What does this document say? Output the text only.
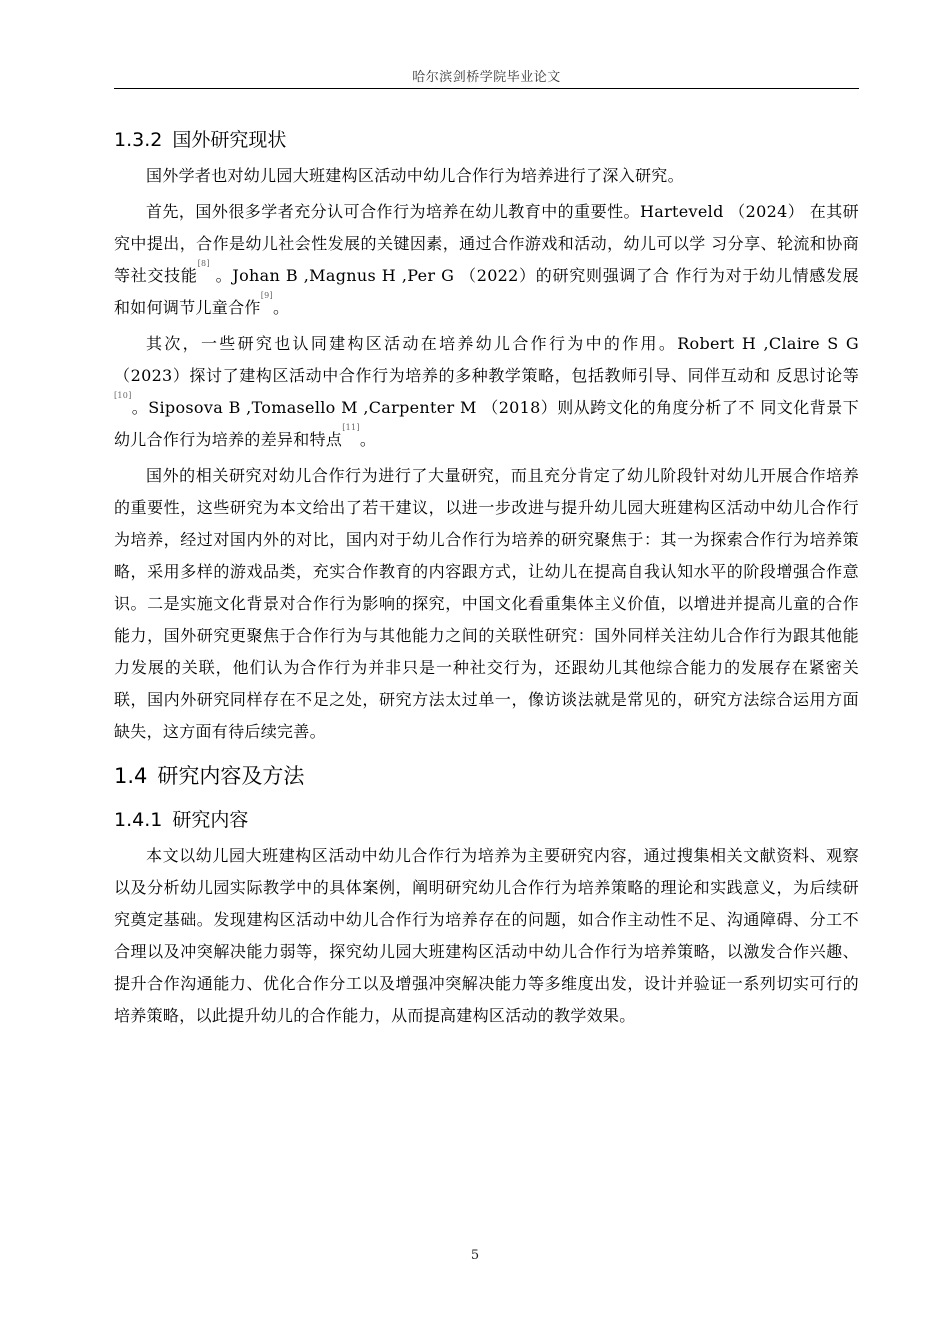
哈尔滨剑桥学院毕业论文
1.3.2 国外研究现状

国外学者也对幼儿园大班建构区活动中幼儿合作行为培养进行了深入研究。

首先，国外很多学者充分认可合作行为培养在幼儿教育中的重要性。Harteveld （2024） 在其研究中提出，合作是幼儿社会性发展的关键因素，通过合作游戏和活动，幼儿可以学 习分享、轮流和协商等社交技能[8] 。Johan B ,Magnus H ,Per G （2022）的研究则强调了合 作行为对于幼儿情感发展和如何调节儿童合作[9]。

其次，一些研究也认同建构区活动在培养幼儿合作行为中的作用。Robert H ,Claire S G （2023）探讨了建构区活动中合作行为培养的多种教学策略，包括教师引导、同伴互动和 反思讨论等[10]。Siposova B ,Tomasello M ,Carpenter M （2018）则从跨文化的角度分析了不 同文化背景下幼儿合作行为培养的差异和特点[11]。

国外的相关研究对幼儿合作行为进行了大量研究，而且充分肯定了幼儿阶段针对幼儿开展合作培养的重要性，这些研究为本文给出了若干建议，以进一步改进与提升幼儿园大班建构区活动中幼儿合作行为培养，经过对国内外的对比，国内对于幼儿合作行为培养的研究聚焦于：其一为探索合作行为培养策略，采用多样的游戏品类，充实合作教育的内容跟方式，让幼儿在提高自我认知水平的阶段增强合作意识。二是实施文化背景对合作行为影响的探究，中国文化看重集体主义价值，以增进并提高儿童的合作能力，国外研究更聚焦于合作行为与其他能力之间的关联性研究：国外同样关注幼儿合作行为跟其他能力发展的关联，他们认为合作行为并非只是一种社交行为，还跟幼儿其他综合能力的发展存在紧密关联，国内外研究同样存在不足之处，研究方法太过单一，像访谈法就是常见的，研究方法综合运用方面缺失，这方面有待后续完善。

1.4 研究内容及方法
1.4.1 研究内容

本文以幼儿园大班建构区活动中幼儿合作行为培养为主要研究内容，通过搜集相关文献资料、观察以及分析幼儿园实际教学中的具体案例，阐明研究幼儿合作行为培养策略的理论和实践意义，为后续研究奠定基础。发现建构区活动中幼儿合作行为培养存在的问题，如合作主动性不足、沟通障碍、分工不合理以及冲突解决能力弱等，探究幼儿园大班建构区活动中幼儿合作行为培养策略，以激发合作兴趣、提升合作沟通能力、优化合作分工以及增强冲突解决能力等多维度出发，设计并验证一系列切实可行的培养策略，以此提升幼儿的合作能力，从而提高建构区活动的教学效果。

5
